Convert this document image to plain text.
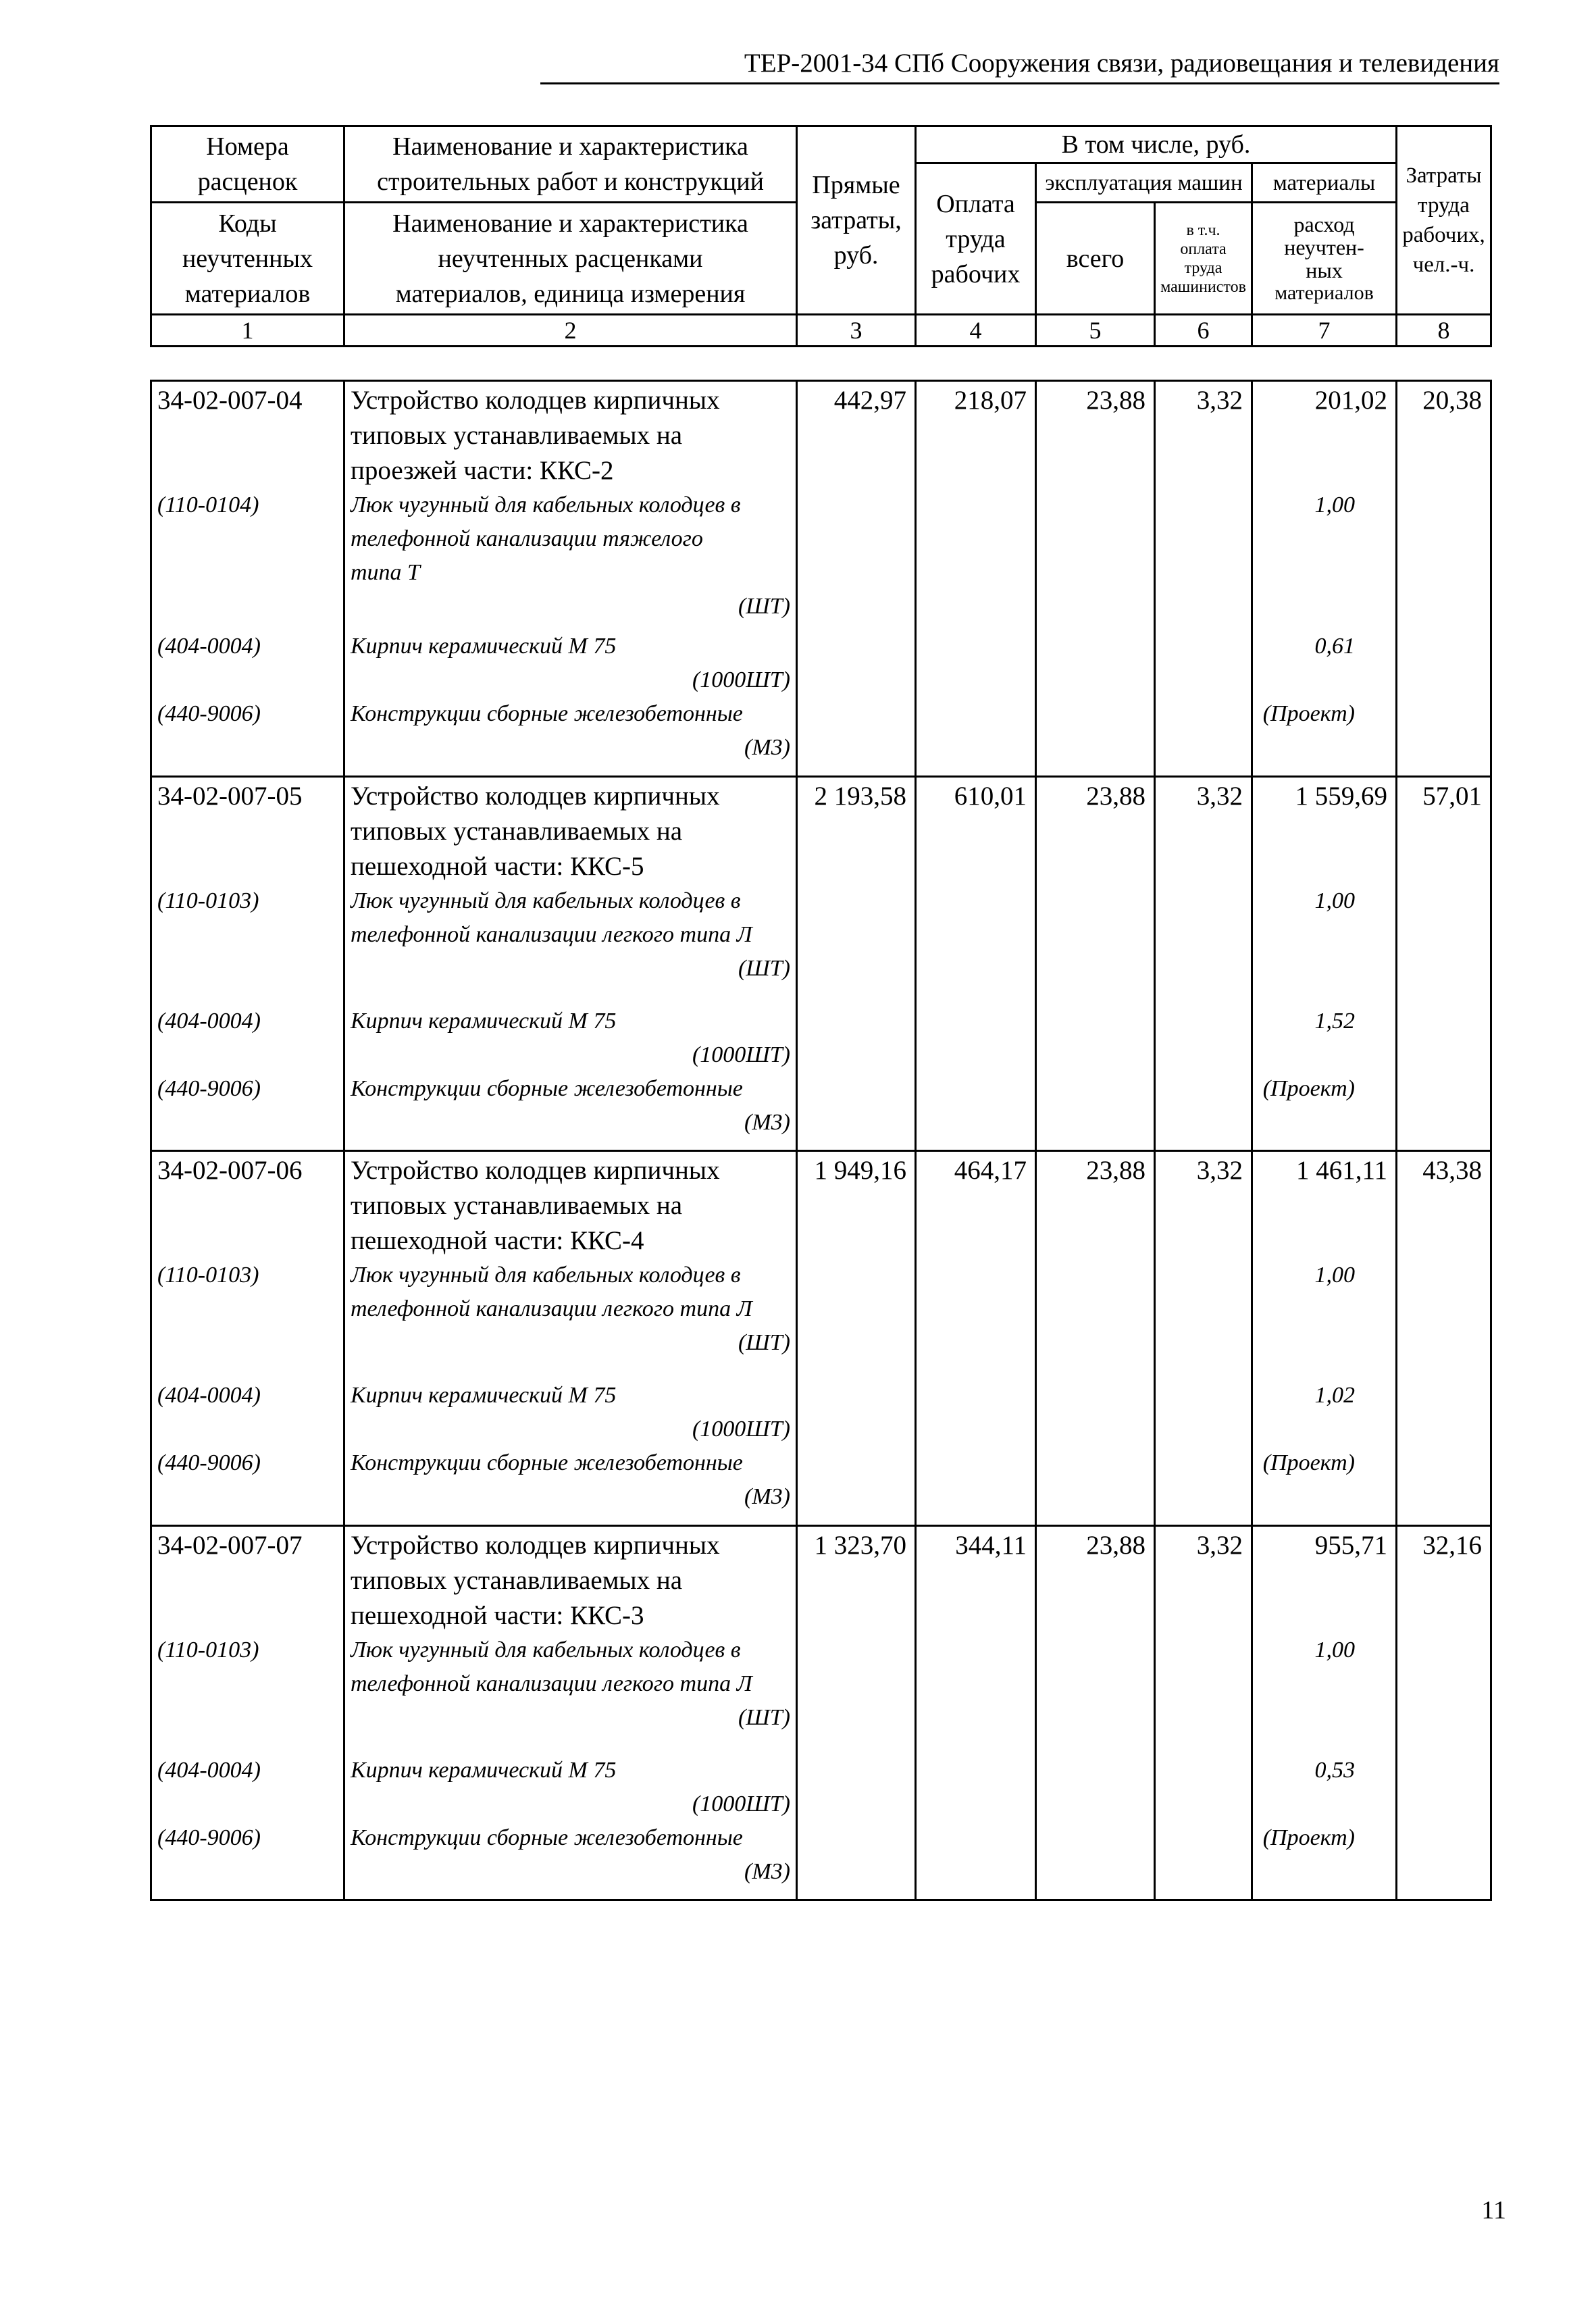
ТЕР-2001-34 СПб Сооружения связи, радиовещания и телевидения
Номера
расценок	Наименование и характеристика
строительных работ и конструкций	Прямые
затраты,
руб.	В том числе, руб.				Затраты
труда
рабочих,
чел.-ч.

			Оплата
труда
рабочих	эксплуатация машин		материалы	

Коды
неучтенных
материалов	Наименование и характеристика
неучтенных расценками
материалов, единица измерения			всего	в т.ч.
оплата
труда
машинистов	расход
неучтен-
ных
материалов	

1	2	3	4	5	6	7	8
34-02-007-04	Устройство колодцев кирпичных
типовых устанавливаемых на
проезжей части: ККС-2	442,97	218,07	23,88	3,32	201,02	20,38
(110-0104)	Люк чугунный для кабельных колодцев в
телефонной канализации тяжелого
типа Т
(ШТ)					1,00	
(404-0004)	Кирпич керамический М 75
(1000ШТ)					0,61	
(440-9006)	Конструкции сборные железобетонные
(М3)					(Проект)	
34-02-007-05	Устройство колодцев кирпичных
типовых устанавливаемых на
пешеходной части: ККС-5	2 193,58	610,01	23,88	3,32	1 559,69	57,01
(110-0103)	Люк чугунный для кабельных колодцев в
телефонной канализации легкого типа Л
(ШТ)					1,00	
(404-0004)	Кирпич керамический М 75
(1000ШТ)					1,52	
(440-9006)	Конструкции сборные железобетонные
(М3)					(Проект)	
34-02-007-06	Устройство колодцев кирпичных
типовых устанавливаемых на
пешеходной части: ККС-4	1 949,16	464,17	23,88	3,32	1 461,11	43,38
(110-0103)	Люк чугунный для кабельных колодцев в
телефонной канализации легкого типа Л
(ШТ)					1,00	
(404-0004)	Кирпич керамический М 75
(1000ШТ)					1,02	
(440-9006)	Конструкции сборные железобетонные
(М3)					(Проект)	
34-02-007-07	Устройство колодцев кирпичных
типовых устанавливаемых на
пешеходной части: ККС-3	1 323,70	344,11	23,88	3,32	955,71	32,16
(110-0103)	Люк чугунный для кабельных колодцев в
телефонной канализации легкого типа Л
(ШТ)					1,00	
(404-0004)	Кирпич керамический М 75
(1000ШТ)					0,53	
(440-9006)	Конструкции сборные железобетонные
(М3)					(Проект)	
11
